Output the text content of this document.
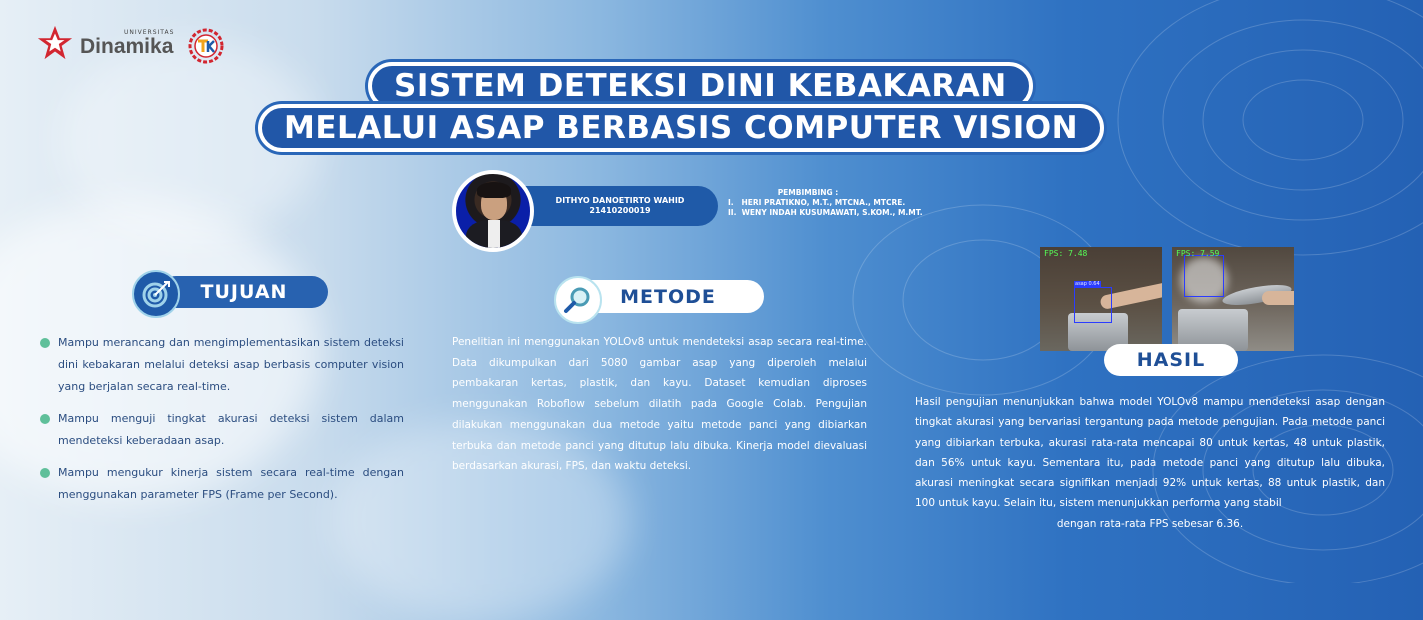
UNIVERSITAS
Dinamika
SISTEM DETEKSI DINI KEBAKARAN
MELALUI ASAP BERBASIS COMPUTER VISION
DITHYO DANOETIRTO WAHID
21410200019
PEMBIMBING :
I.   HERI PRATIKNO, M.T., MTCNA., MTCRE.
II.  WENY INDAH KUSUMAWATI, S.KOM., M.MT.
TUJUAN
Mampu merancang dan mengimplementasikan sistem deteksi dini kebakaran melalui deteksi asap berbasis computer vision yang berjalan secara real-time.
Mampu menguji tingkat akurasi deteksi sistem dalam mendeteksi keberadaan asap.
Mampu mengukur kinerja sistem secara real-time dengan menggunakan parameter FPS (Frame per Second).
METODE
Penelitian ini menggunakan YOLOv8 untuk mendeteksi asap secara real-time. Data dikumpulkan dari 5080 gambar asap yang diperoleh melalui pembakaran kertas, plastik, dan kayu. Dataset kemudian diproses menggunakan Roboflow sebelum dilatih pada Google Colab. Pengujian dilakukan menggunakan dua metode yaitu metode panci yang dibiarkan terbuka dan metode panci yang ditutup lalu dibuka. Kinerja model dievaluasi berdasarkan akurasi, FPS, dan waktu deteksi.
asap 0.64
FPS: 7.48	FPS: 7.59
HASIL
Hasil pengujian menunjukkan bahwa model YOLOv8 mampu mendeteksi asap dengan tingkat akurasi yang bervariasi tergantung pada metode pengujian. Pada metode panci yang dibiarkan terbuka, akurasi rata-rata mencapai 80 untuk kertas, 48 untuk plastik, dan 56% untuk kayu. Sementara itu, pada metode panci yang ditutup lalu dibuka, akurasi meningkat secara signifikan menjadi 92% untuk kertas, 88 untuk plastik, dan 100 untuk kayu. Selain itu, sistem menunjukkan performa yang stabil
dengan rata-rata FPS sebesar 6.36.
